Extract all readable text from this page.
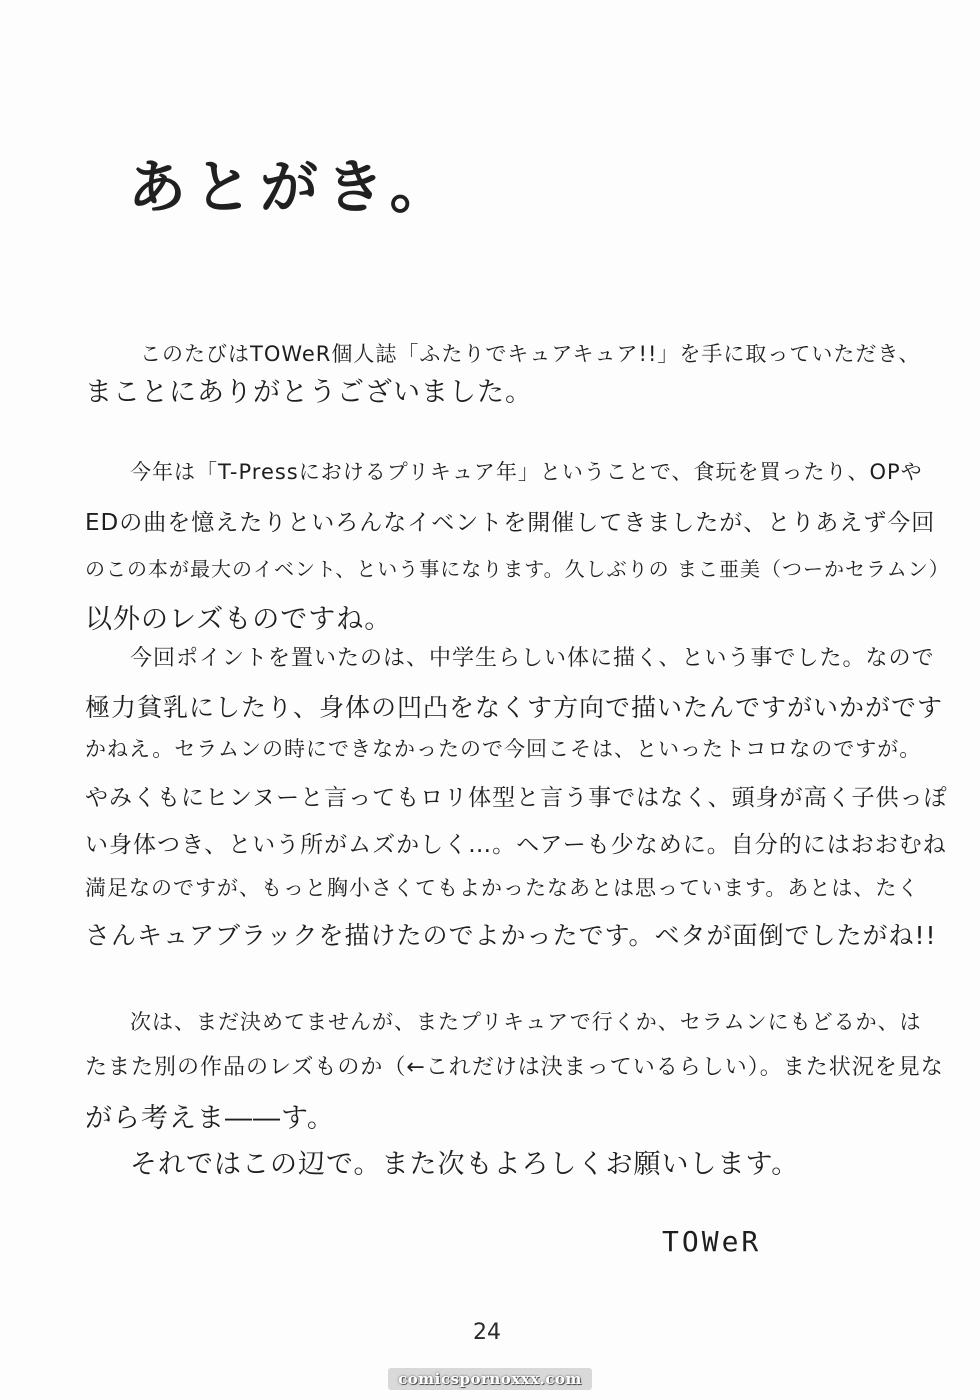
あとがき。
このたびはTOWeR個人誌「ふたりでキュアキュア!!」を手に取っていただき、
まことにありがとうございました。
今年は「T-Pressにおけるプリキュア年」ということで、食玩を買ったり、OPや
EDの曲を憶えたりといろんなイベントを開催してきましたが、とりあえず今回
のこの本が最大のイベント、という事になります。久しぶりの まこ亜美（つーかセラムン）
以外のレズものですね。
今回ポイントを置いたのは、中学生らしい体に描く、という事でした。なので
極力貧乳にしたり、身体の凹凸をなくす方向で描いたんですがいかがです
かねえ。セラムンの時にできなかったので今回こそは、といったトコロなのですが。
やみくもにヒンヌーと言ってもロリ体型と言う事ではなく、頭身が高く子供っぽ
い身体つき、という所がムズかしく…。ヘアーも少なめに。自分的にはおおむね
満足なのですが、もっと胸小さくてもよかったなあとは思っています。あとは、たく
さんキュアブラックを描けたのでよかったです。ベタが面倒でしたがね!!
次は、まだ決めてませんが、またプリキュアで行くか、セラムンにもどるか、は
たまた別の作品のレズものか（←これだけは決まっているらしい）。また状況を見な
がら考えま――す。
それではこの辺で。また次もよろしくお願いします。
TOWeR
24
comicspornoxxx.com
